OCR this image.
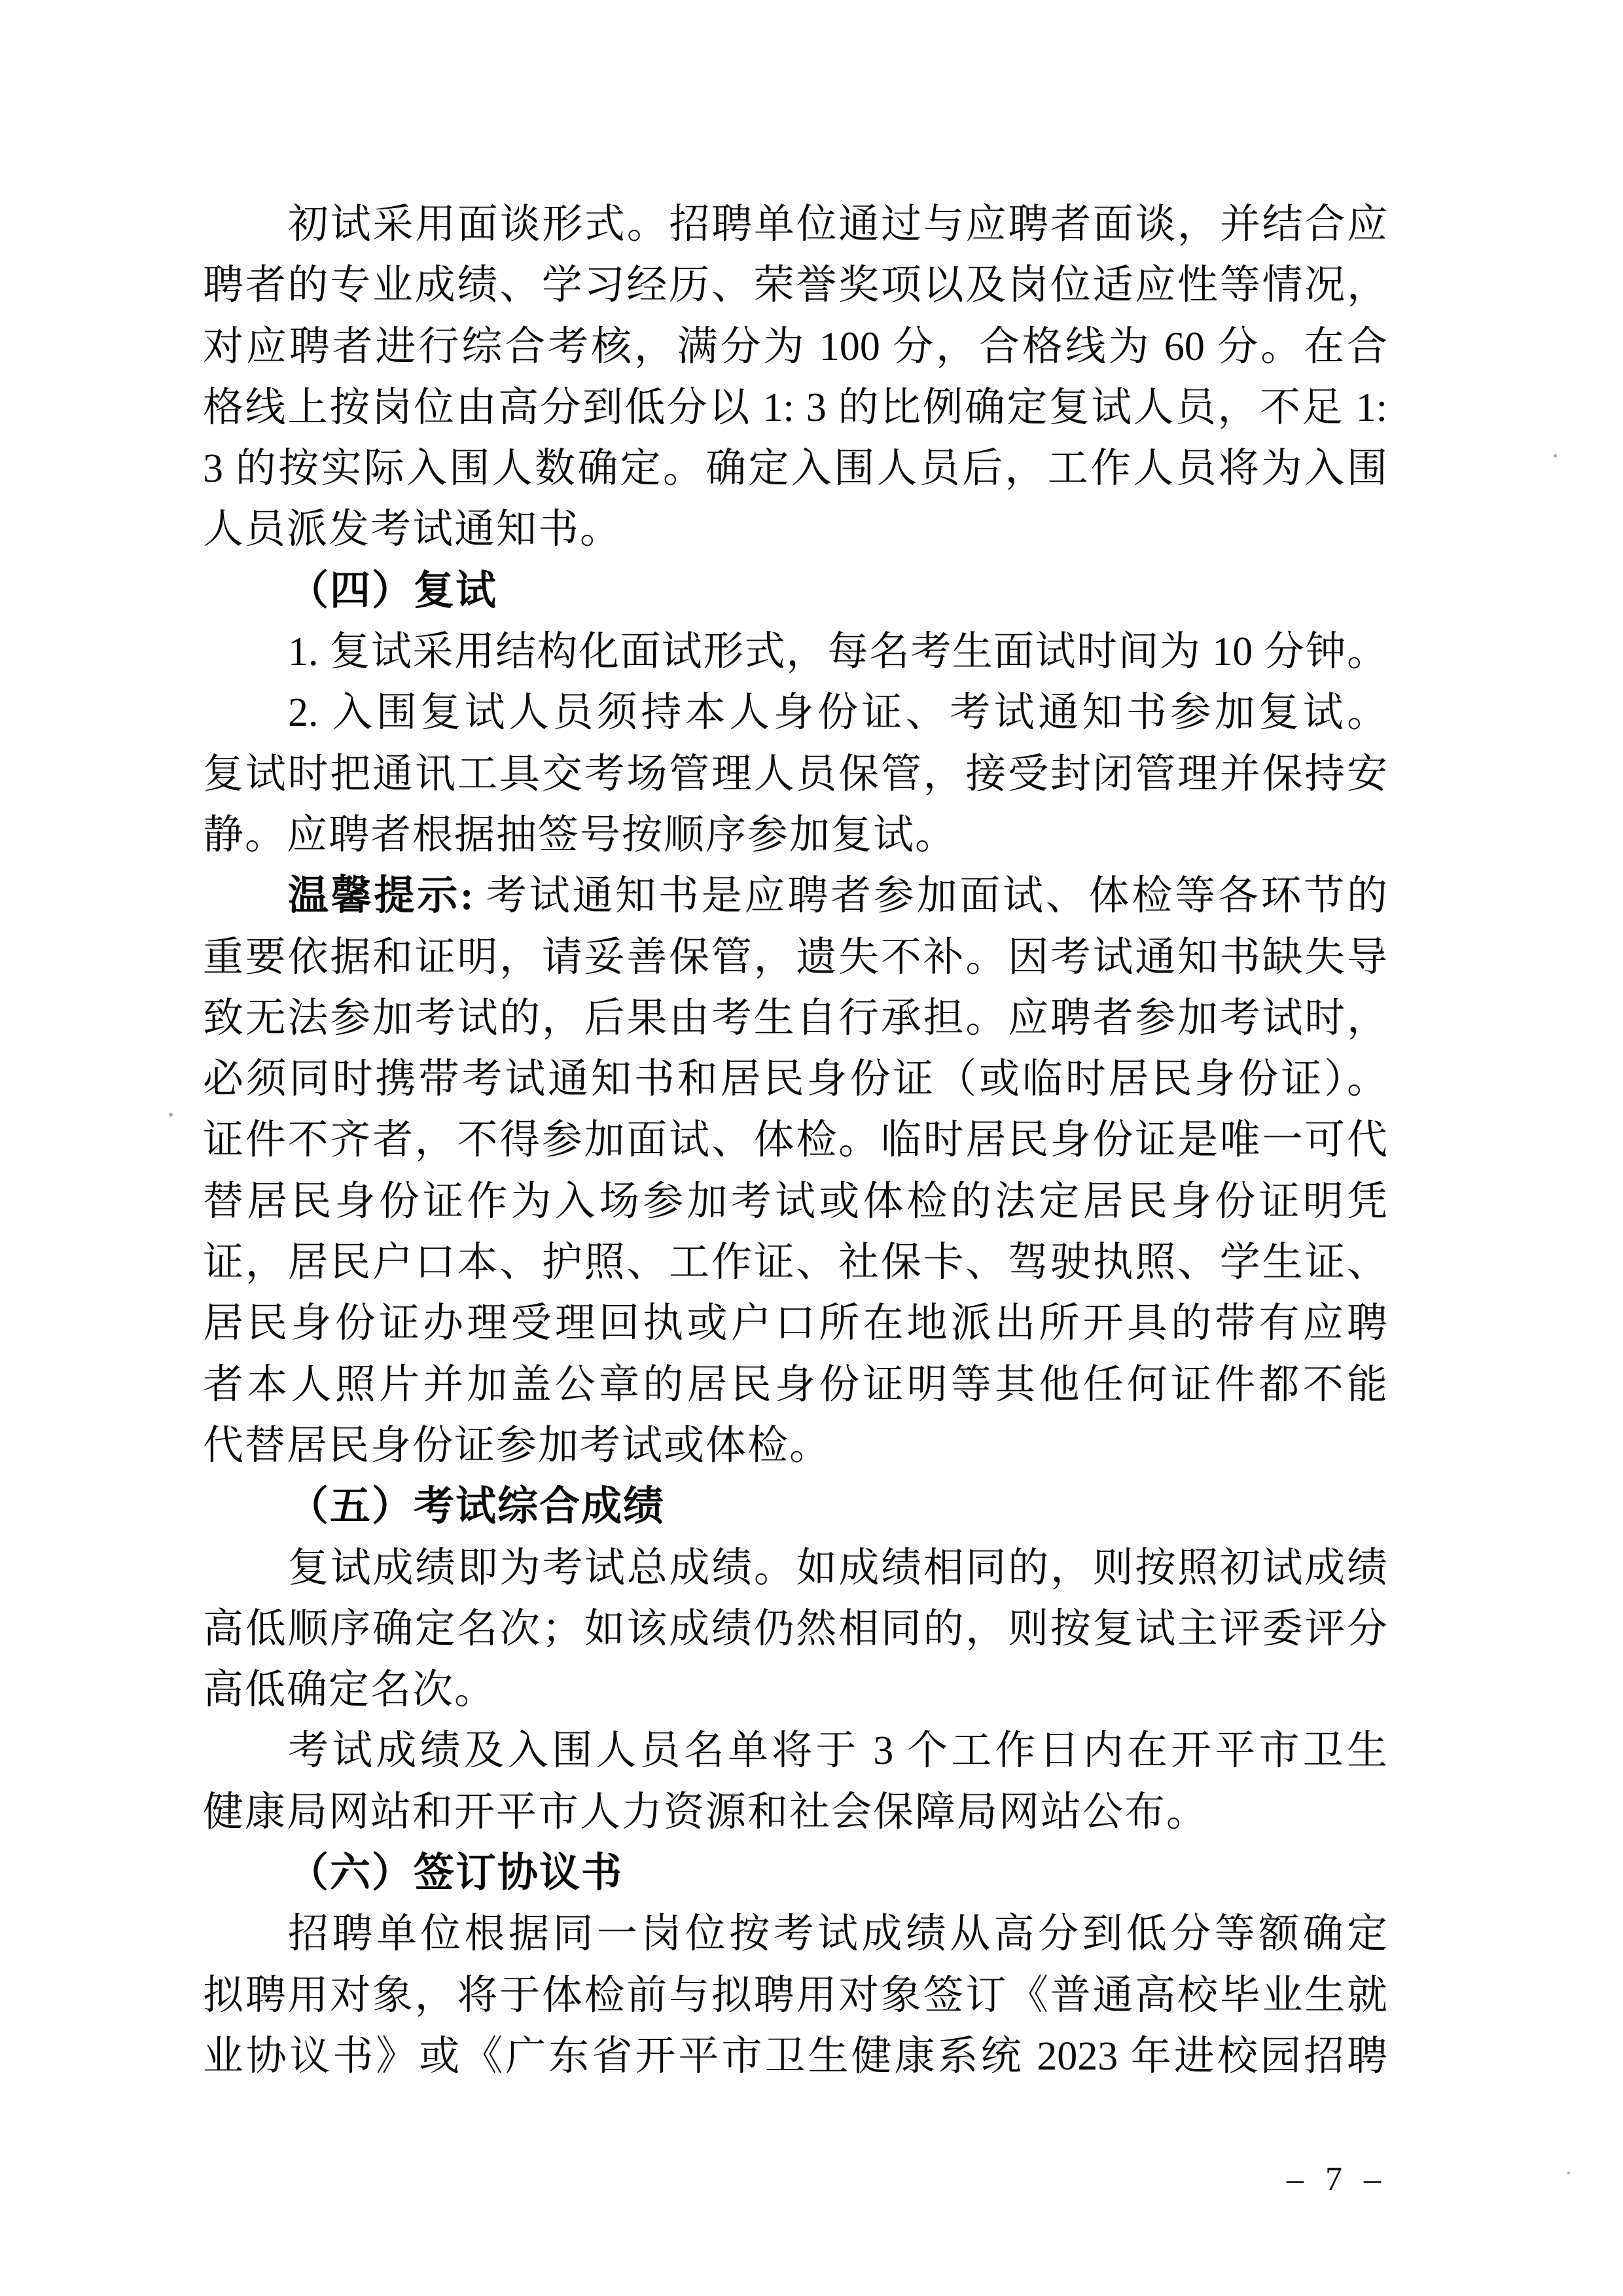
初试采用面谈形式。招聘单位通过与应聘者面谈，并结合应
聘者的专业成绩、学习经历、荣誉奖项以及岗位适应性等情况，
对应聘者进行综合考核，满分为 100 分，合格线为 60 分。在合
格线上按岗位由高分到低分以 1: 3 的比例确定复试人员，不足 1:
3 的按实际入围人数确定。确定入围人员后，工作人员将为入围
人员派发考试通知书。
（四）复试
1. 复试采用结构化面试形式，每名考生面试时间为 10 分钟。
2. 入围复试人员须持本人身份证、考试通知书参加复试。
复试时把通讯工具交考场管理人员保管，接受封闭管理并保持安
静。应聘者根据抽签号按顺序参加复试。
温馨提示: 考试通知书是应聘者参加面试、体检等各环节的
重要依据和证明，请妥善保管，遗失不补。因考试通知书缺失导
致无法参加考试的，后果由考生自行承担。应聘者参加考试时，
必须同时携带考试通知书和居民身份证（或临时居民身份证）。
证件不齐者，不得参加面试、体检。临时居民身份证是唯一可代
替居民身份证作为入场参加考试或体检的法定居民身份证明凭
证，居民户口本、护照、工作证、社保卡、驾驶执照、学生证、
居民身份证办理受理回执或户口所在地派出所开具的带有应聘
者本人照片并加盖公章的居民身份证明等其他任何证件都不能
代替居民身份证参加考试或体检。
（五）考试综合成绩
复试成绩即为考试总成绩。如成绩相同的，则按照初试成绩
高低顺序确定名次；如该成绩仍然相同的，则按复试主评委评分
高低确定名次。
考试成绩及入围人员名单将于 3 个工作日内在开平市卫生
健康局网站和开平市人力资源和社会保障局网站公布。
（六）签订协议书
招聘单位根据同一岗位按考试成绩从高分到低分等额确定
拟聘用对象，将于体检前与拟聘用对象签订《普通高校毕业生就
业协议书》或《广东省开平市卫生健康系统 2023 年进校园招聘
– 7 –
